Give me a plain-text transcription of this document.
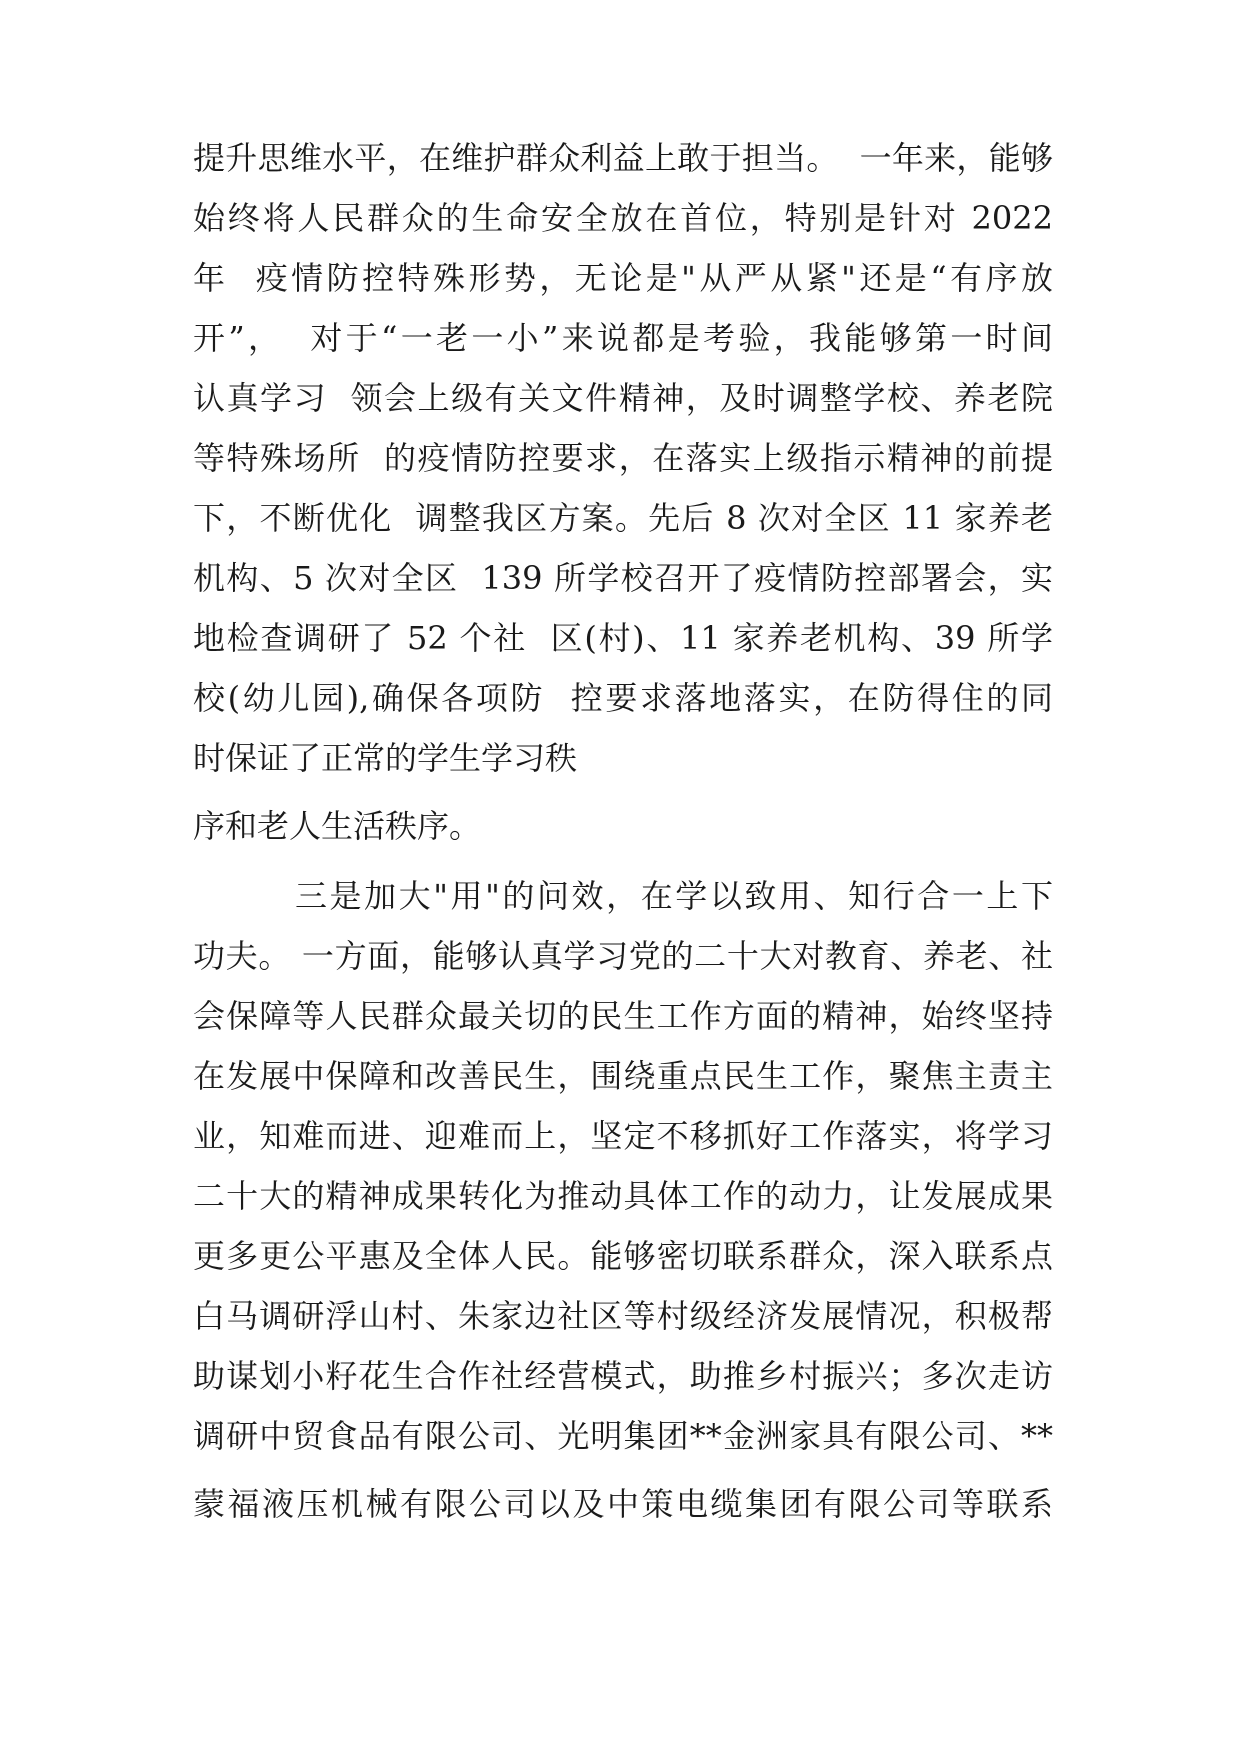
提升思维水平，在维护群众利益上敢于担当。  一年来，能够
始终将人民群众的生命安全放在首位，特别是针对 2022
年  疫情防控特殊形势，无论是"从严从紧"还是“有序放
开”，  对于“一老一小”来说都是考验，我能够第一时间
认真学习  领会上级有关文件精神，及时调整学校、养老院
等特殊场所  的疫情防控要求，在落实上级指示精神的前提
下，不断优化  调整我区方案。先后 8 次对全区 11 家养老
机构、5 次对全区  139 所学校召开了疫情防控部署会，实
地检查调研了 52 个社  区(村)、11 家养老机构、39 所学
校(幼儿园),确保各项防  控要求落地落实，在防得住的同
时保证了正常的学生学习秩
序和老人生活秩序。
三是加大"用"的问效，在学以致用、知行合一上下
功夫。 一方面，能够认真学习党的二十大对教育、养老、社
会保障等人民群众最关切的民生工作方面的精神，始终坚持
在发展中保障和改善民生，围绕重点民生工作，聚焦主责主
业，知难而进、迎难而上，坚定不移抓好工作落实，将学习
二十大的精神成果转化为推动具体工作的动力，让发展成果
更多更公平惠及全体人民。能够密切联系群众，深入联系点
白马调研浮山村、朱家边社区等村级经济发展情况，积极帮
助谋划小籽花生合作社经营模式，助推乡村振兴；多次走访
调研中贸食品有限公司、光明集团**金洲家具有限公司、**
蒙福液压机械有限公司以及中策电缆集团有限公司等联系
